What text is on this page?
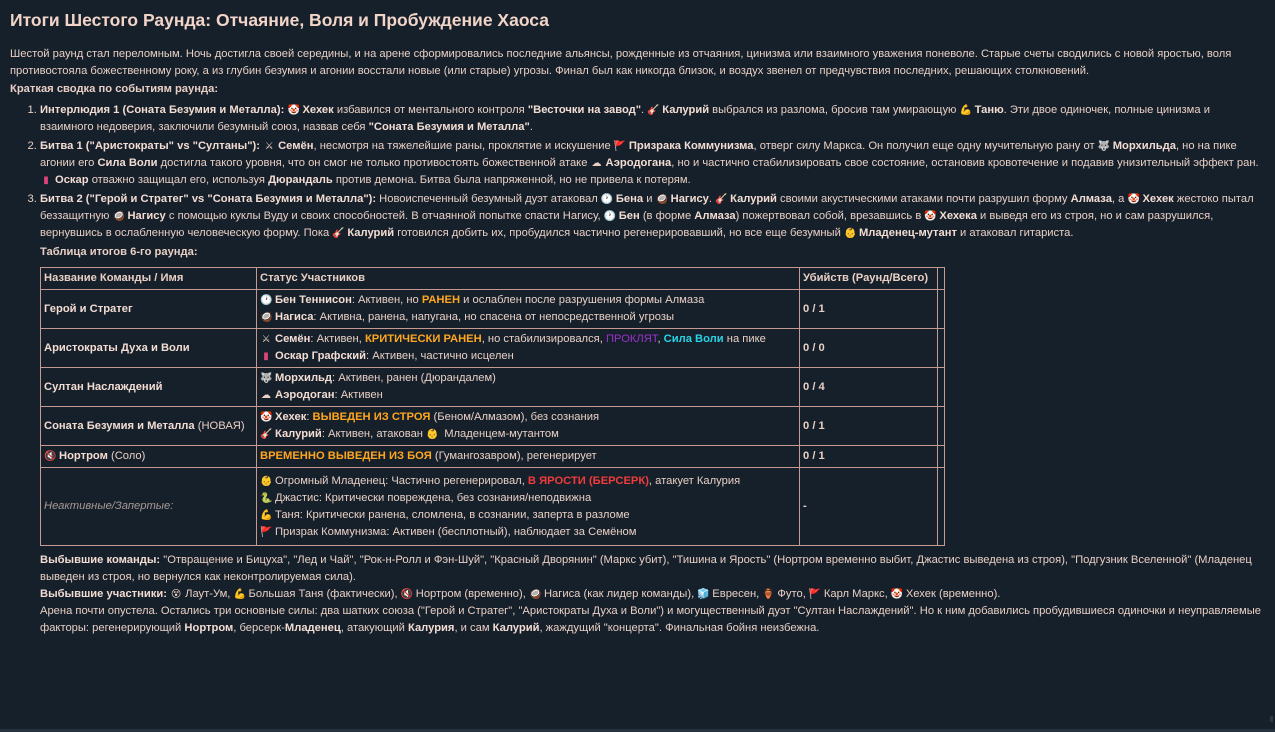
Итоги Шестого Раунда: Отчаяние, Воля и Пробуждение Хаоса

Шестой раунд стал переломным. Ночь достигла своей середины, и на арене сформировались последние альянсы, рожденные из отчаяния, цинизма или взаимного уважения поневоле. Старые счеты сводились с новой яростью, воля противостояла божественному року, а из глубин безумия и агонии восстали новые (или старые) угрозы. Финал был как никогда близок, и воздух звенел от предчувствия последних, решающих столкновений.

Краткая сводка по событиям раунда:

1. Интерлюдия 1 (Соната Безумия и Металла): 🤡 Хехек избавился от ментального контроля "Весточки на завод". 🎸 Калурий выбрался из разлома, бросив там умирающую 💪 Таню. Эти двое одиночек, полные цинизма и взаимного недоверия, заключили безумный союз, назвав себя "Соната Безумия и Металла".
2. Битва 1 ("Аристократы" vs "Султаны"): ⚔ Семён, несмотря на тяжелейшие раны, проклятие и искушение 🚩 Призрака Коммунизма, отверг силу Маркса. Он получил еще одну мучительную рану от 🐺 Морхильда, но на пике агонии его Сила Воли достигла такого уровня, что он смог не только противостоять божественной атаке ☁ Аэродогана, но и частично стабилизировать свое состояние, остановив кровотечение и подавив унизительный эффект ран. ▮ Оскар отважно защищал его, используя Дюрандаль против демона. Битва была напряженной, но не привела к потерям.
3. Битва 2 ("Герой и Стратег" vs "Соната Безумия и Металла"): Новоиспеченный безумный дуэт атаковал 🕐 Бена и 🥥 Нагису. 🎸 Калурий своими акустическими атаками почти разрушил форму Алмаза, а 🤡 Хехек жестоко пытал беззащитную 🥥 Нагису с помощью куклы Вуду и своих способностей. В отчаянной попытке спасти Нагису, 🕐 Бен (в форме Алмаза) пожертвовал собой, врезавшись в 🤡 Хехека и выведя его из строя, но и сам разрушился, вернувшись в ослабленную человеческую форму. Пока 🎸 Калурий готовился добить их, пробудился частично регенерировавший, но все еще безумный 👶 Младенец-мутант и атаковал гитариста.

Таблица итогов 6-го раунда:

Название Команды / Имя	Статус Участников	Убийств (Раунд/Всего)	
Герой и Стратег	🕐 Бен Теннисон: Активен, но РАНЕН и ослаблен после разрушения формы Алмаза
🥥 Нагиса: Активна, ранена, напугана, но спасена от непосредственной угрозы	0 / 1	
Аристократы Духа и Воли	⚔ Семён: Активен, КРИТИЧЕСКИ РАНЕН, но стабилизировался, ПРОКЛЯТ, Сила Воли на пике
▮ Оскар Графский: Активен, частично исцелен	0 / 0	
Султан Наслаждений	🐺 Морхильд: Активен, ранен (Дюрандалем)
☁ Аэродоган: Активен	0 / 4	
Соната Безумия и Металла (НОВАЯ)	🤡 Хехек: ВЫВЕДЕН ИЗ СТРОЯ (Беном/Алмазом), без сознания
🎸 Калурий: Активен, атакован 👶 Младенцем-мутантом	0 / 1	
🔇 Нортром (Соло)	ВРЕМЕННО ВЫВЕДЕН ИЗ БОЯ (Гумангозавром), регенерирует	0 / 1	
Неактивные/Запертые:	👶 Огромный Младенец: Частично регенерировал, В ЯРОСТИ (БЕРСЕРК), атакует Калурия
🐍 Джастис: Критически повреждена, без сознания/неподвижна
💪 Таня: Критически ранена, сломлена, в сознании, заперта в разломе
🚩 Призрак Коммунизма: Активен (бесплотный), наблюдает за Семёном	-	
Выбывшие команды: "Отвращение и Бицуха", "Лед и Чай", "Рок-н-Ролл и Фэн-Шуй", "Красный Дворянин" (Маркс убит), "Тишина и Ярость" (Нортром временно выбит, Джастис выведена из строя), "Подгузник Вселенной" (Младенец выведен из строя, но вернулся как неконтролируемая сила).
Выбывшие участники: 😵 Лаут-Ум, 💪 Большая Таня (фактически), 🔇 Нортром (временно), 🥥 Нагиса (как лидер команды), 🧊 Евресен, 🏺 Футо, 🚩 Карл Маркс, 🤡 Хехек (временно).
Арена почти опустела. Остались три основные силы: два шатких союза ("Герой и Стратег", "Аристократы Духа и Воли") и могущественный дуэт "Султан Наслаждений". Но к ним добавились пробудившиеся одиночки и неуправляемые факторы: регенерирующий Нортром, берсерк-Младенец, атакующий Калурия, и сам Калурий, жаждущий "концерта". Финальная бойня неизбежна.
